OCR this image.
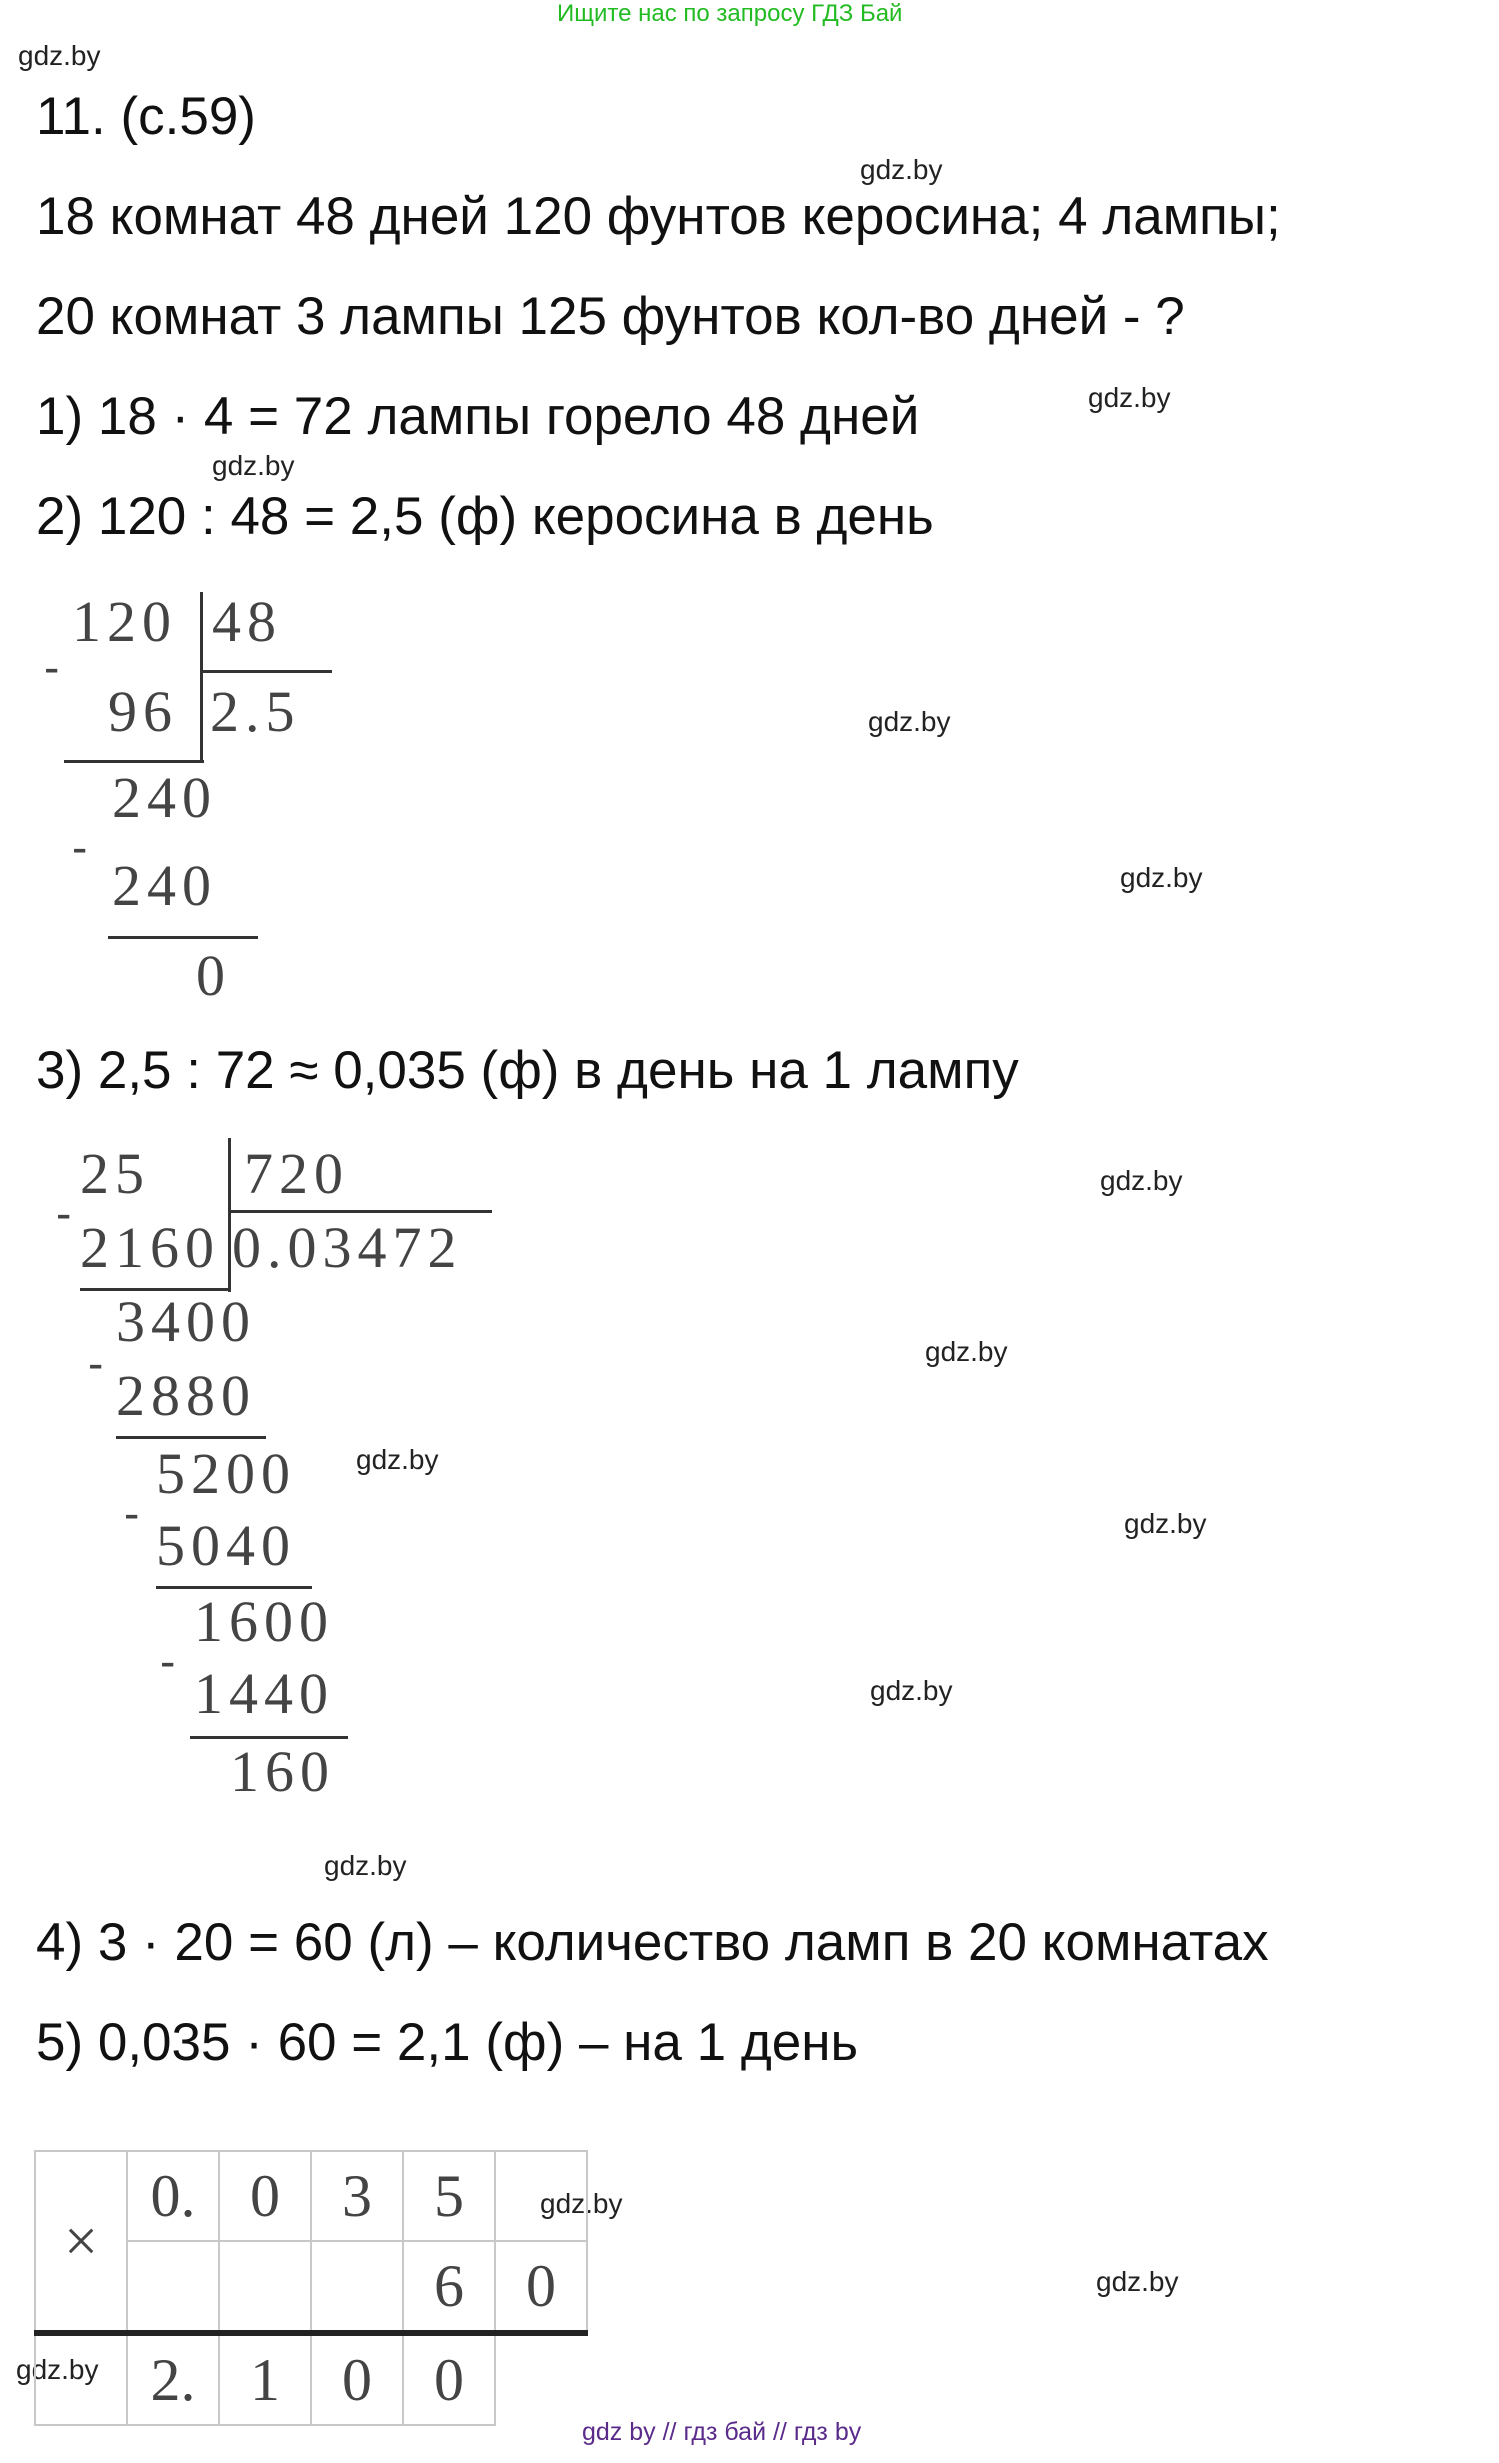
Ищите нас по запросу ГДЗ Бай
gdz.by
gdz.by
gdz.by
gdz.by
gdz.by
gdz.by
gdz.by
gdz.by
gdz.by
gdz.by
gdz.by
gdz.by
gdz.by
gdz.by
gdz.by
11. (с.59)
18 комнат 48 дней 120 фунтов керосина; 4 лампы;
20 комнат 3 лампы 125 фунтов кол-во дней - ?
1) 18 · 4 = 72 лампы горело 48 дней
2) 120 : 48 = 2,5 (ф) керосина в день
120 48
-
96 2.5
240
-
240
0
3) 2,5 : 72 ≈ 0,035 (ф) в день на 1 лампу
25 720
-
2160 0.03472
3400
- 2880
5200
- 5040
1600
- 1440
160
4) 3 · 20 = 60 (л) – количество ламп в 20 комнатах
5) 0,035 · 60 = 2,1 (ф) – на 1 день
×	0.	0	3	5	
				6	0
	2.	1	0	0	
gdz by // гдз бай // гдз by
